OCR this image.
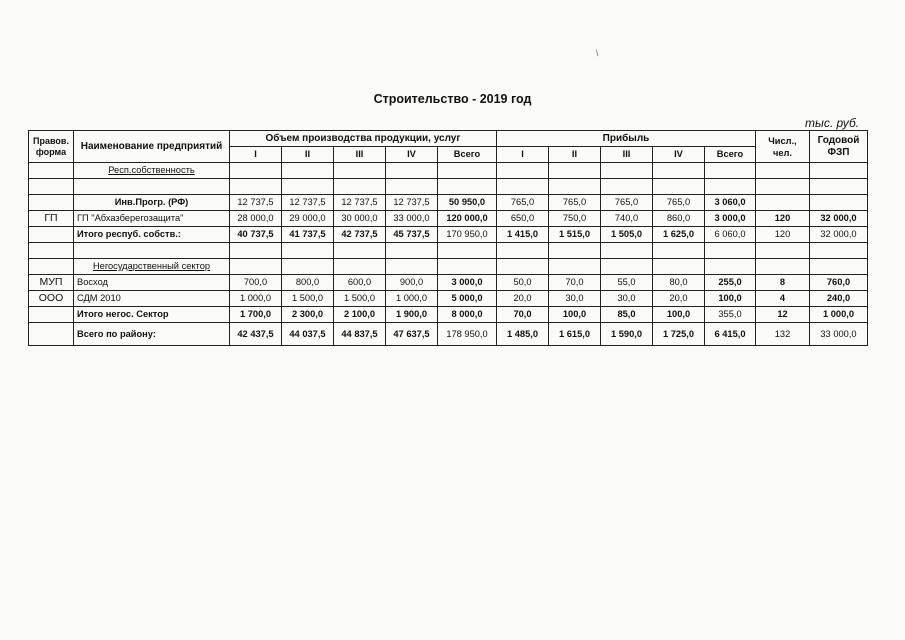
/
Строительство - 2019 год
тыс. руб.
Правов. форма	Наименование предприятий	Объем производства продукции, услуг					Прибыль					Числ., чел.	Годовой ФЗП
		I	II	III	IV	Всего	I	II	III	IV	Всего		
	Респ.собственность												

	Инв.Прогр. (РФ)	12 737,5	12 737,5	12 737,5	12 737,5	50 950,0	765,0	765,0	765,0	765,0	3 060,0		
ГП	ГП "Абхазберегозащита"	28 000,0	29 000,0	30 000,0	33 000,0	120 000,0	650,0	750,0	740,0	860,0	3 000,0	120	32 000,0
	Итого респуб. собств.:	40 737,5	41 737,5	42 737,5	45 737,5	170 950,0	1 415,0	1 515,0	1 505,0	1 625,0	6 060,0	120	32 000,0

	Негосударственный сектор												
МУП	Восход	700,0	800,0	600,0	900,0	3 000,0	50,0	70,0	55,0	80,0	255,0	8	760,0
ООО	СДМ 2010	1 000,0	1 500,0	1 500,0	1 000,0	5 000,0	20,0	30,0	30,0	20,0	100,0	4	240,0
	Итого негос. Сектор	1 700,0	2 300,0	2 100,0	1 900,0	8 000,0	70,0	100,0	85,0	100,0	355,0	12	1 000,0
	Всего по району:	42 437,5	44 037,5	44 837,5	47 637,5	178 950,0	1 485,0	1 615,0	1 590,0	1 725,0	6 415,0	132	33 000,0
